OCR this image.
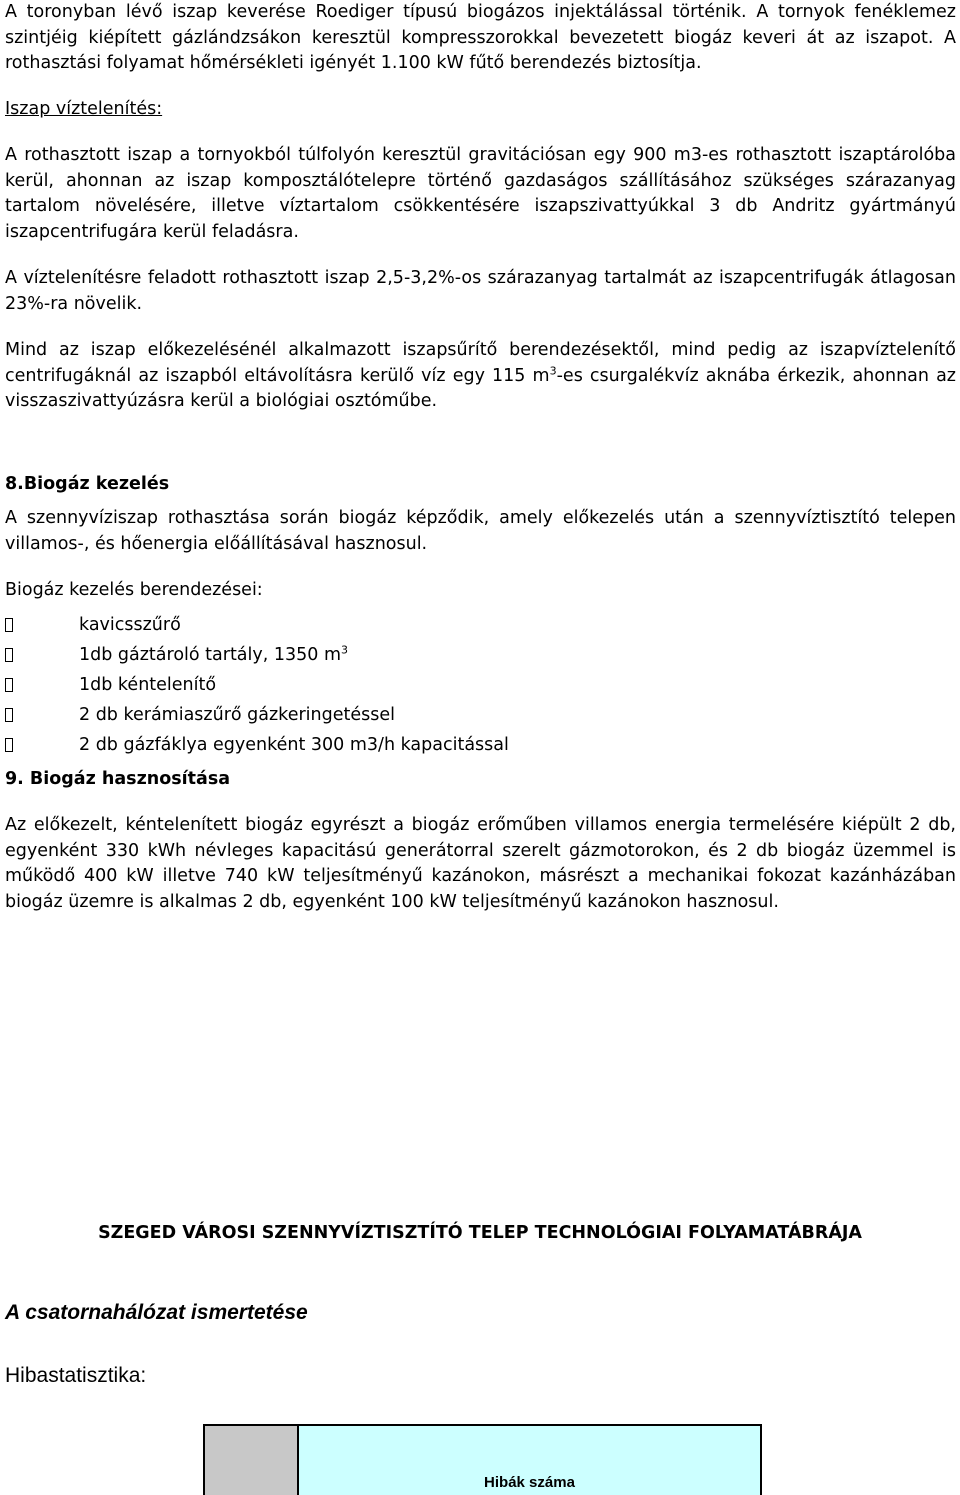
A toronyban lévő iszap keverése Roediger típusú biogázos injektálással történik. A tornyok fenéklemez szintjéig kiépített gázlándzsákon keresztül kompresszorokkal bevezetett biogáz keveri át az iszapot. A rothasztási folyamat hőmérsékleti igényét 1.100 kW fűtő berendezés biztosítja.

Iszap víztelenítés:

A rothasztott iszap a tornyokból túlfolyón keresztül gravitációsan egy 900 m3-es rothasztott iszaptárolóba kerül, ahonnan az iszap komposztálótelepre történő gazdaságos szállításához szükséges szárazanyag tartalom növelésére, illetve víztartalom csökkentésére iszapszivattyúkkal 3 db Andritz gyártmányú iszapcentrifugára kerül feladásra.

A víztelenítésre feladott rothasztott iszap 2,5-3,2%-os szárazanyag tartalmát az iszapcentrifugák átlagosan 23%-ra növelik.

Mind az iszap előkezelésénél alkalmazott iszapsűrítő berendezésektől, mind pedig az iszapvíztelenítő centrifugáknál az iszapból eltávolításra kerülő víz egy 115 $m^3-es$ csurgalékvíz aknába érkezik, ahonnan az visszaszivattyúzásra kerül a biológiai osztóműbe.

8.Biogáz kezelés

A szennyvíziszap rothasztása során biogáz képződik, amely előkezelés után a szennyvíztisztító telepen villamos-, és hőenergia előállításával hasznosul.

Biogáz kezelés berendezései:

kavicsszűrő
1db gáztároló tartály, 1350 $m^3$
1db kéntelenítő
2 db kerámiaszűrő gázkeringetéssel
2 db gázfáklya egyenként 300 m3/h kapacitással

9. Biogáz hasznosítása

Az előkezelt, kéntelenített biogáz egyrészt a biogáz erőműben villamos energia termelésére kiépült 2 db, egyenként 330 kWh névleges kapacitású generátorral szerelt gázmotorokon, és 2 db biogáz üzemmel is működő 400 kW illetve 740 kW teljesítményű kazánokon, másrészt a mechanikai fokozat kazánházában biogáz üzemre is alkalmas 2 db, egyenként 100 kW teljesítményű kazánokon hasznosul.

SZEGED VÁROSI SZENNYVÍZTISZTÍTÓ TELEP TECHNOLÓGIAI FOLYAMATÁBRÁJA
A csatornahálózat ismertetése
Hibastatisztika:
Hibák száma
